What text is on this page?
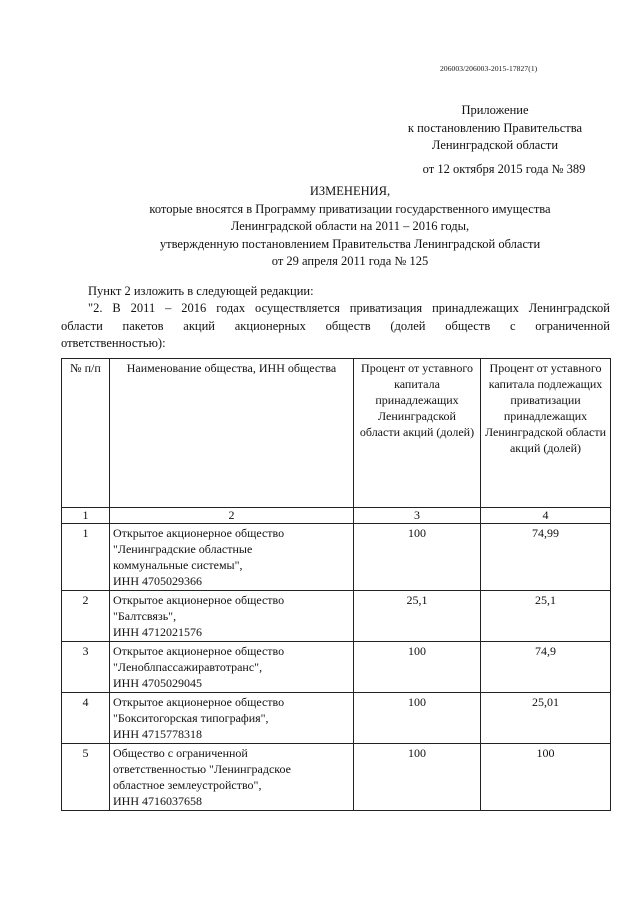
206003/206003-2015-17827(1)
Приложение
к постановлению Правительства
Ленинградской области
от 12 октября 2015 года № 389
ИЗМЕНЕНИЯ,
которые вносятся в Программу приватизации государственного имущества
Ленинградской области на 2011 – 2016 годы,
утвержденную постановлением Правительства Ленинградской области
от 29 апреля 2011 года № 125
Пункт 2 изложить в следующей редакции:
"2. В 2011 – 2016 годах осуществляется приватизация принадлежащих Ленинградской
области пакетов акций акционерных обществ (долей обществ с ограниченной
ответственностью):
№ п/п	Наименование общества, ИНН общества	Процент от уставного капитала принадлежащих Ленинградской области акций (долей)	Процент от уставного капитала подлежащих приватизации принадлежащих Ленинградской области акций (долей)
1	2	3	4
1	Открытое акционерное общество
"Ленинградские областные
коммунальные системы",
ИНН 4705029366	100	74,99
2	Открытое акционерное общество
"Балтсвязь",
ИНН 4712021576	25,1	25,1
3	Открытое акционерное общество
"Леноблпассажиравтотранс",
ИНН 4705029045	100	74,9
4	Открытое акционерное общество
"Бокситогорская типография",
ИНН 4715778318	100	25,01
5	Общество с ограниченной
ответственностью "Ленинградское
областное землеустройство",
ИНН 4716037658	100	100
